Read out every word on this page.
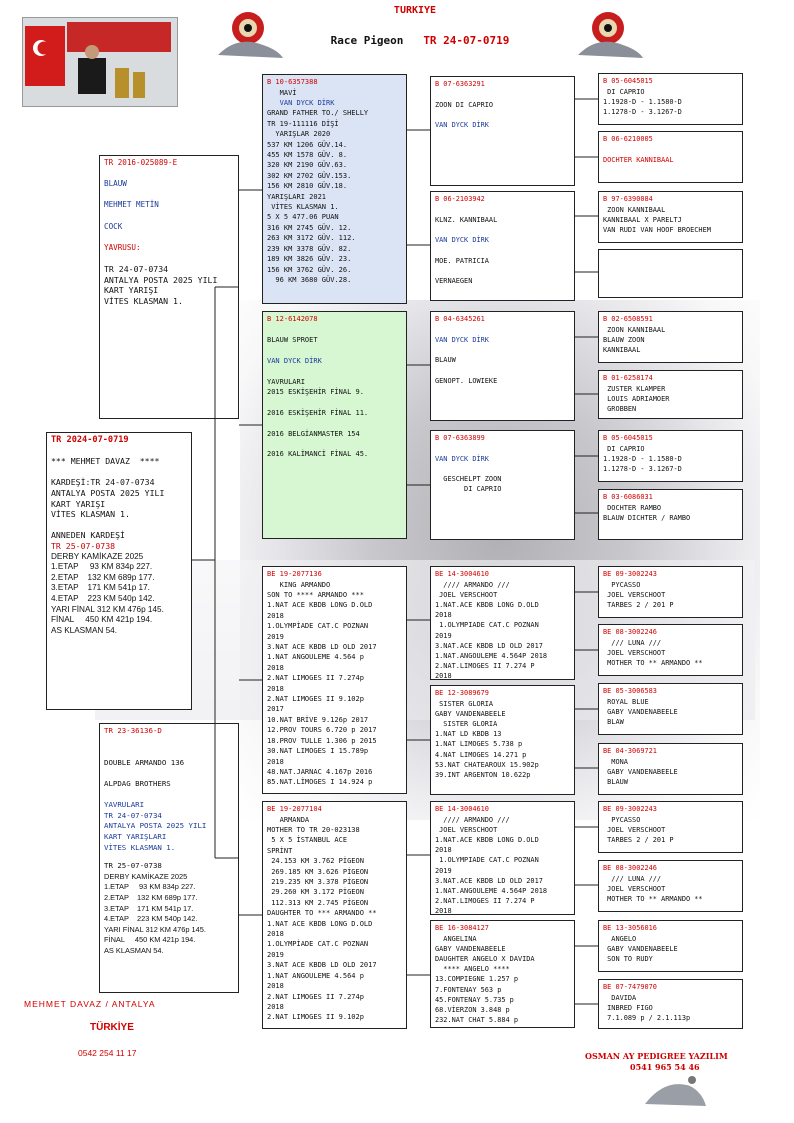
TURKIYE
Race Pigeon TR 24-07-0719
TR 2024-07-0719

*** MEHMET DAVAZ  ****

KARDEŞİ:TR 24-07-0734
ANTALYA POSTA 2025 YILI
KART YARIŞI
VİTES KLASMAN 1.

ANNEDEN KARDEŞİ
TR 25-07-0738
DERBY KAMİKAZE 2025
1.ETAP     93 KM 834p 227.
2.ETAP    132 KM 689p 177.
3.ETAP    171 KM 541p 17.
4.ETAP    223 KM 540p 142.
YARI FİNAL 312 KM 476p 145.
FİNAL     450 KM 421p 194.
AS KLASMAN 54.
TR 2016-025089-E

BLAUW

MEHMET METİN

COCK

YAVRUSU:

TR 24-07-0734
ANTALYA POSTA 2025 YILI
KART YARIŞI
VİTES KLASMAN 1.
TR 23-36136-D

DOUBLE ARMANDO 136

ALPDAG BROTHERS

YAVRULARI
TR 24-07-0734
ANTALYA POSTA 2025 YILI
KART YARIŞLARI
VİTES KLASMAN 1.
TR 25-07-0738
DERBY KAMİKAZE 2025
1.ETAP     93 KM 834p 227.
2.ETAP    132 KM 689p 177.
3.ETAP    171 KM 541p 17.
4.ETAP    223 KM 540p 142.
YARI FİNAL 312 KM 476p 145.
FİNAL     450 KM 421p 194.
AS KLASMAN 54.
B 10-6357388
MAVİ
VAN DYCK DİRK
GRAND FATHER TO./ SHELLY
TR 19-111116 DİŞİ
YARIŞLAR 2020
537 KM 1206 GÜV.14.
455 KM 1578 GÜV. 8.
320 KM 2190 GÜV.63.
302 KM 2702 GÜV.153.
156 KM 2810 GÜV.18.
YARIŞLARI 2021
VİTES KLASMAN 1.
5 X 5 477.06 PUAN
316 KM 2745 GÜV. 12.
263 KM 3172 GÜV. 112.
239 KM 3378 GÜV. 82.
189 KM 3826 GÜV. 23.
156 KM 3762 GÜV. 26.
96 KM 3680 GÜV.28.
B 12-6142078

BLAUW SPROET

VAN DYCK DİRK

YAVRULARI
2015 ESKİŞEHİR FİNAL 9.

2016 ESKİŞEHİR FİNAL 11.

2016 BELGİANMASTER 154

2016 KALİMANCİ FİNAL 45.
BE 19-2077136
KING ARMANDO
SON TO **** ARMANDO ***
1.NAT ACE KBDB LONG D.OLD
2018
1.OLYMPİADE CAT.C POZNAN
2019
3.NAT ACE KBDB LD OLD 2017
1.NAT ANGOULEME 4.564 p
2018
2.NAT LIMOGES II 7.274p
2018
2.NAT LIMOGES II 9.102p
2017
10.NAT BRİVE 9.126p 2017
12.PROV TOURS 6.720 p 2017
18.PROV TULLE 1.306 p 2015
30.NAT LIMOGES I 15.789p
2018
48.NAT.JARNAC 4.167p 2016
85.NAT.LİMOGES I 14.924 p
BE 19-2077104
ARMANDA
MOTHER TO TR 20-023138
5 X 5 İSTANBUL ACE
SPRİNT
24.153 KM 3.762 PİGEON
269.185 KM 3.626 PİGEON
219.235 KM 3.378 PİGEON
29.260 KM 3.172 PİGEON
112.313 KM 2.745 PİGEON
DAUGHTER TO *** ARMANDO **
1.NAT ACE KBDB LONG D.OLD
2018
1.OLYMPİADE CAT.C POZNAN
2019
3.NAT ACE KBDB LD OLD 2017
1.NAT ANGOULEME 4.564 p
2018
2.NAT LIMOGES II 7.274p
2018
2.NAT LIMOGES II 9.102p
B 07-6363291

ZOON DI CAPRIO

VAN DYCK DİRK
B 06-2103942

KLNZ. KANNIBAAL

VAN DYCK DİRK

MOE. PATRICIA

VERNAEGEN
B 04-6345261

VAN DYCK DİRK

BLAUW

GENOPT. LOWIEKE
B 07-6363899

VAN DYCK DİRK

GESCHELPT ZOON
DI CAPRIO
BE 14-3004610
//// ARMANDO ///
JOEL VERSCHOOT
1.NAT.ACE KBDB LONG D.OLD
2018
1.OLYMPIADE CAT.C POZNAN
2019
3.NAT.ACE KBDB LD OLD 2017
1.NAT.ANGOULEME 4.564P 2018
2.NAT.LIMOGES II 7.274 P
2018
BE 12-3089679
SISTER GLORIA
GABY VANDENABEELE
SISTER GLORIA
1.NAT LD KBDB 13
1.NAT LIMOGES 5.738 p
4.NAT LIMOGES 14.271 p
53.NAT CHATEAROUX 15.902p
39.INT ARGENTON 10.622p
BE 14-3004610
//// ARMANDO ///
JOEL VERSCHOOT
1.NAT.ACE KBDB LONG D.OLD
2018
1.OLYMPIADE CAT.C POZNAN
2019
3.NAT.ACE KBDB LD OLD 2017
1.NAT.ANGOULEME 4.564P 2018
2.NAT.LIMOGES II 7.274 P
2018
BE 16-3084127
ANGELINA
GABY VANDENABEELE
DAUGHTER ANGELO X DAVIDA
**** ANGELO ****
13.COMPIEGNE 1.257 p
7.FONTENAY 563 p
45.FONTENAY 5.735 p
68.VİERZON 3.848 p
232.NAT CHAT 5.884 p
B 05-6045015
DI CAPRIO
1.1928-D - 1.1580-D
1.1278-D - 3.1267-D
B 06-6210005

DOCHTER KANNIBAAL
B 97-6390084
ZOON KANNIBAAL
KANNIBAAL X PARELTJ
VAN RUDI VAN HOOF BROECHEM
B 02-6508591
ZOON KANNIBAAL
BLAUW ZOON
KANNIBAAL
B 01-6258174
ZUSTER KLAMPER
LOUIS ADRIAMOER
GROBBEN
B 05-6045015
DI CAPRIO
1.1928-D - 1.1580-D
1.1278-D - 3.1267-D
B 03-6086031
DOCHTER RAMBO
BLAUW DICHTER / RAMBO
BE 09-3002243
PYCASSO
JOEL VERSCHOOT
TARBES 2 / 201 P
BE 08-3002246
/// LUNA ///
JOEL VERSCHOOT
MOTHER TO ** ARMANDO **
BE 05-3006583
ROYAL BLUE
GABY VANDENABEELE
BLAW
BE 04-3069721
MONA
GABY VANDENABEELE
BLAUW
BE 09-3002243
PYCASSO
JOEL VERSCHOOT
TARBES 2 / 201 P
BE 08-3002246
/// LUNA ///
JOEL VERSCHOOT
MOTHER TO ** ARMANDO **
BE 13-3056016
ANGELO
GABY VANDENABEELE
SON TO RUDY
BE 07-7479070
DAVIDA
INBRED FIGO
7.1.089 p / 2.1.113p
MEHMET DAVAZ / ANTALYA
TÜRKİYE
0542 254 11 17	OSMAN AY PEDIGREE YAZILIM
0541 965 54 46
